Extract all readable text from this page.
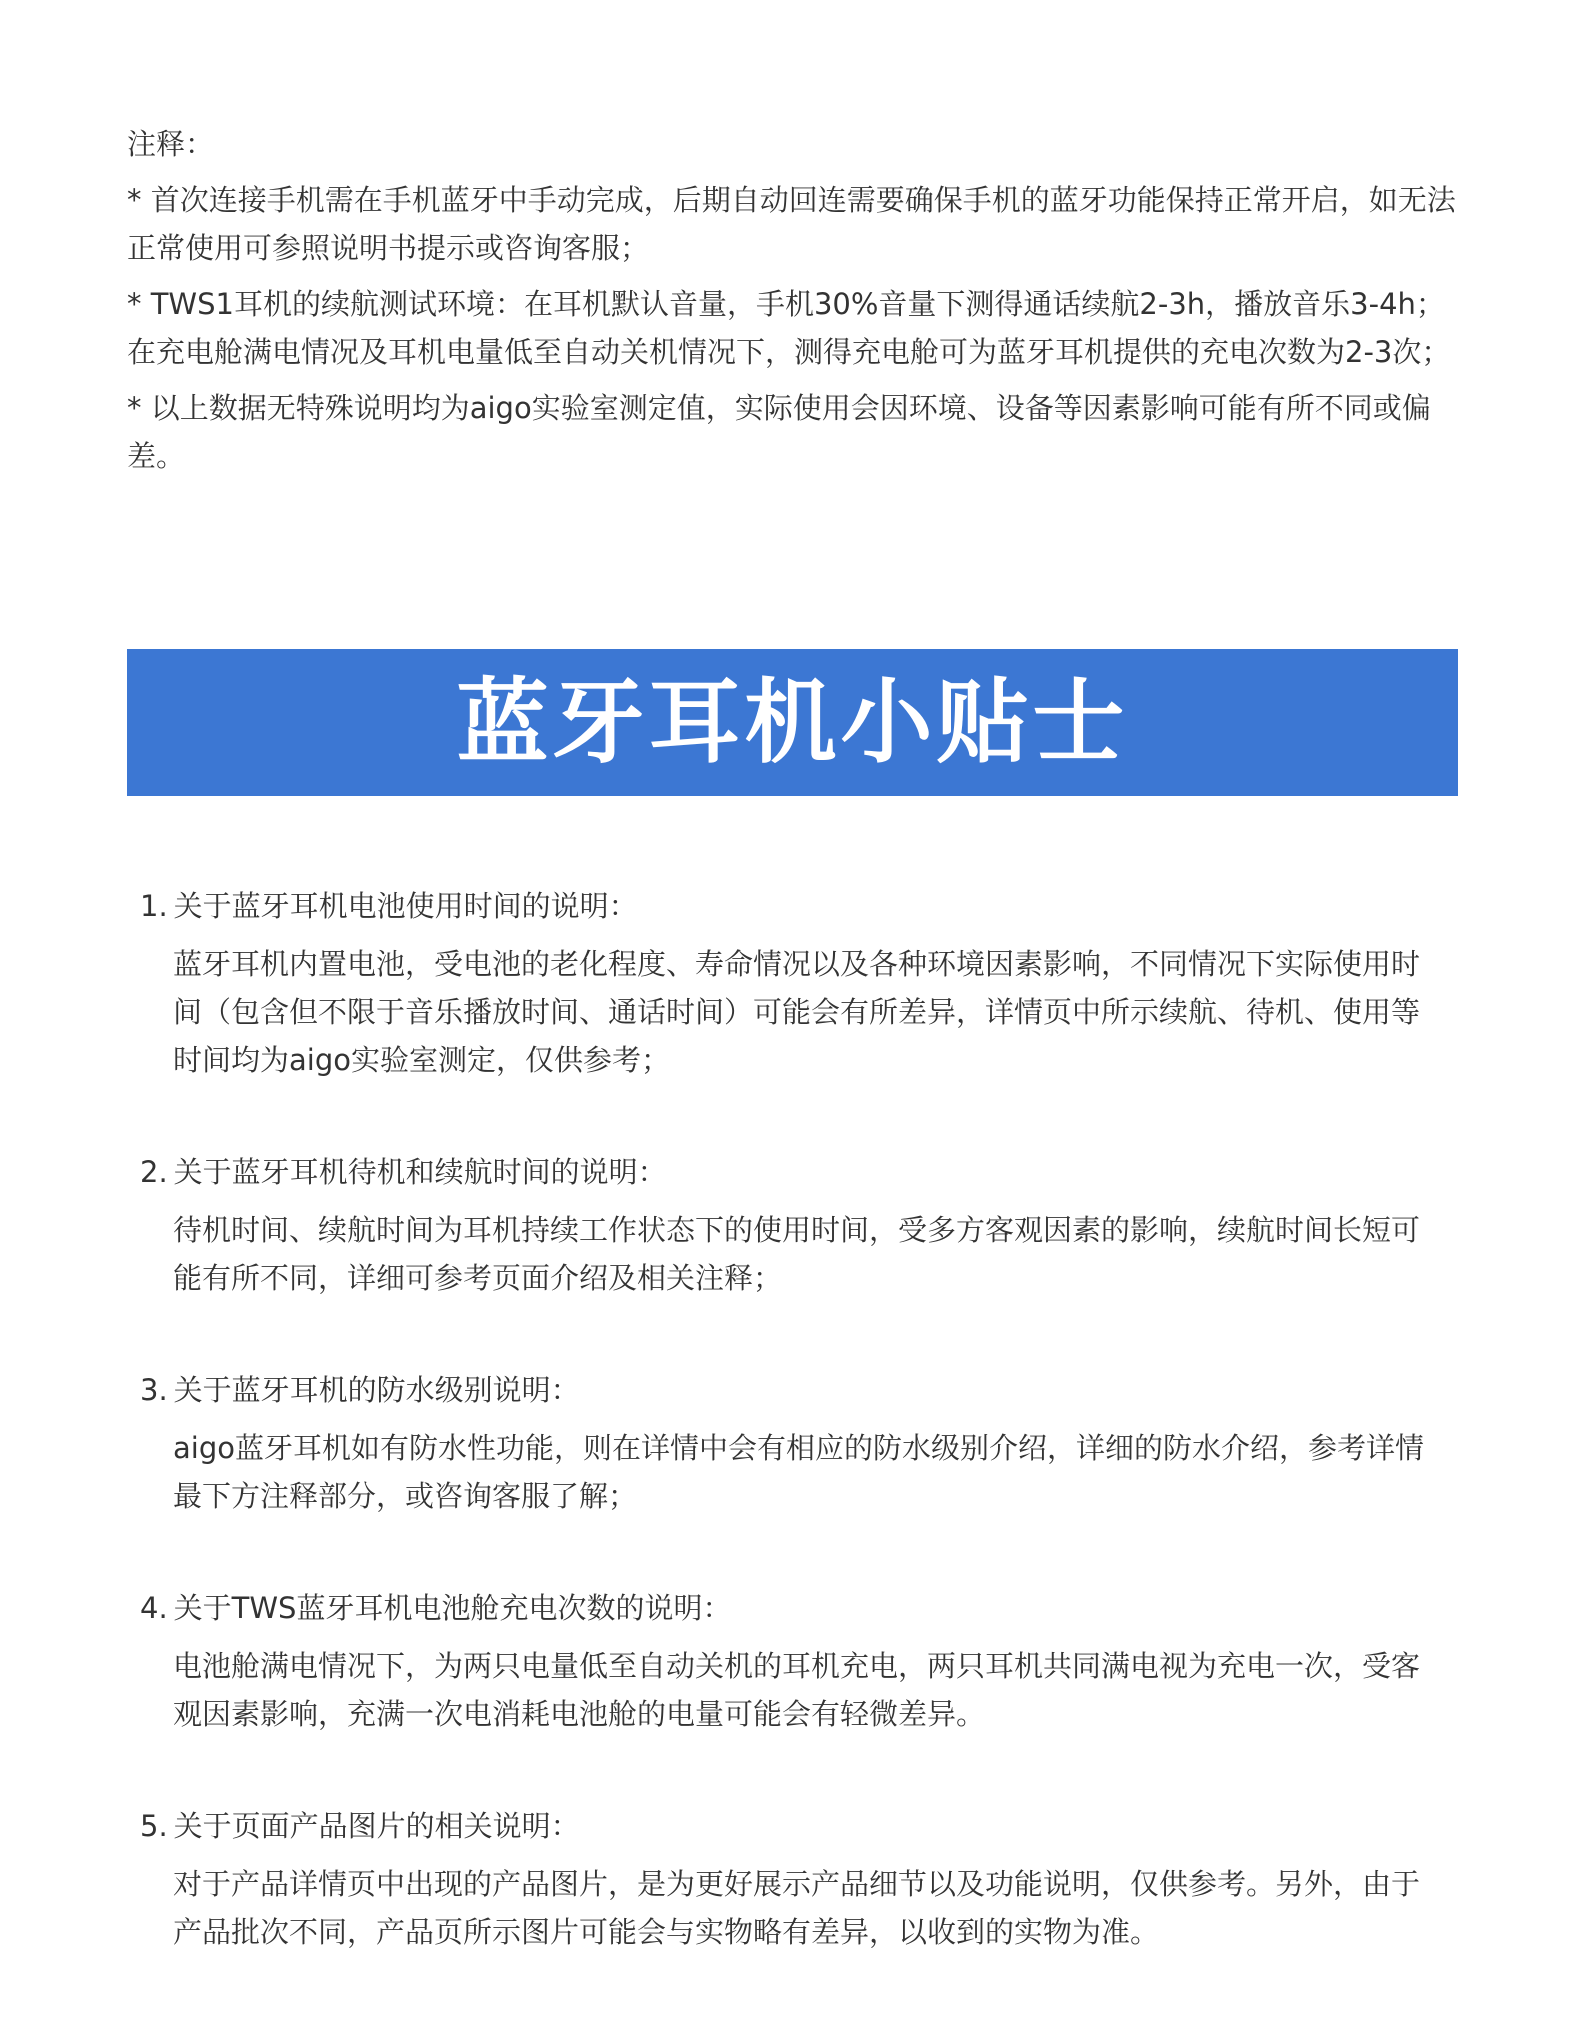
注释：

* 首次连接手机需在手机蓝牙中手动完成，后期自动回连需要确保手机的蓝牙功能保持正常开启，如无法正常使用可参照说明书提示或咨询客服；

* TWS1耳机的续航测试环境：在耳机默认音量，手机30%音量下测得通话续航2-3h，播放音乐3-4h；在充电舱满电情况及耳机电量低至自动关机情况下，测得充电舱可为蓝牙耳机提供的充电次数为2-3次；

* 以上数据无特殊说明均为aigo实验室测定值，实际使用会因环境、设备等因素影响可能有所不同或偏差。

蓝牙耳机小贴士
1. 关于蓝牙耳机电池使用时间的说明：
蓝牙耳机内置电池，受电池的老化程度、寿命情况以及各种环境因素影响，不同情况下实际使用时间（包含但不限于音乐播放时间、通话时间）可能会有所差异，详情页中所示续航、待机、使用等时间均为aigo实验室测定，仅供参考；
2. 关于蓝牙耳机待机和续航时间的说明：
待机时间、续航时间为耳机持续工作状态下的使用时间，受多方客观因素的影响，续航时间长短可能有所不同，详细可参考页面介绍及相关注释；
3. 关于蓝牙耳机的防水级别说明：
aigo蓝牙耳机如有防水性功能，则在详情中会有相应的防水级别介绍，详细的防水介绍，参考详情最下方注释部分，或咨询客服了解；
4. 关于TWS蓝牙耳机电池舱充电次数的说明：
电池舱满电情况下，为两只电量低至自动关机的耳机充电，两只耳机共同满电视为充电一次，受客观因素影响，充满一次电消耗电池舱的电量可能会有轻微差异。
5. 关于页面产品图片的相关说明：
对于产品详情页中出现的产品图片，是为更好展示产品细节以及功能说明，仅供参考。另外，由于产品批次不同，产品页所示图片可能会与实物略有差异，以收到的实物为准。
